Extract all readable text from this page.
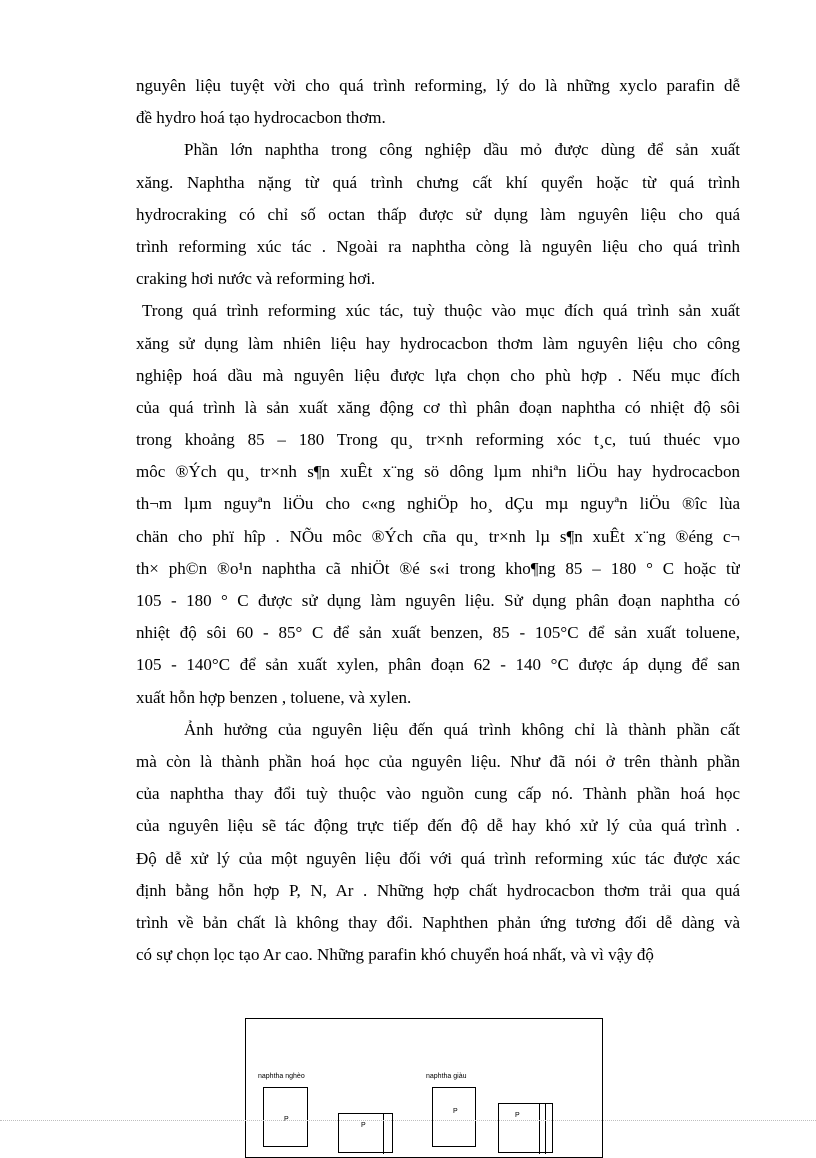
nguyên liệu tuyệt vời cho quá trình reforming, lý do là những xyclo parafin dễ
đề hydro hoá tạo hydrocacbon thơm.
Phần lớn naphtha trong công nghiệp dầu mỏ được dùng để sản xuất
xăng. Naphtha nặng từ quá trình chưng cất khí quyển hoặc từ quá trình
hydrocraking có chỉ số octan thấp được sử dụng làm nguyên liệu cho quá
trình reforming xúc tác . Ngoài ra naphtha còng là nguyên liệu cho quá trình
craking hơi nước và reforming hơi.
Trong quá trình reforming xúc tác, tuỳ thuộc vào mục đích quá trình sản xuất
xăng sử dụng làm nhiên liệu hay hydrocacbon thơm làm nguyên liệu cho công
nghiệp hoá dầu mà nguyên liệu được lựa chọn cho phù hợp . Nếu mục đích
của quá trình là sản xuất xăng động cơ thì phân đoạn naphtha có nhiệt độ sôi
trong khoảng 85 – 180 Trong qu¸ tr×nh reforming xóc t¸c, tuú thuéc vµo
môc ®Ých qu¸ tr×nh s¶n xuÊt x¨ng sö dông lµm nhiªn liÖu hay hydrocacbon
th¬m lµm nguyªn liÖu cho c«ng nghiÖp ho¸ dÇu mµ nguyªn liÖu ®îc lùa
chän cho phï hîp . NÕu môc ®Ých cña qu¸ tr×nh lµ s¶n xuÊt x¨ng ®éng c¬
th× ph©n ®o¹n naphtha cã nhiÖt ®é s«i trong kho¶ng 85 – 180 ° C hoặc từ
105 - 180 ° C được sử dụng làm nguyên liệu. Sử dụng phân đoạn naphtha có
nhiệt độ sôi 60 - 85° C để sản xuất benzen, 85 - 105°C để sản xuất toluene,
105 - 140°C để sản xuất xylen, phân đoạn 62 - 140 °C được áp dụng để san
xuất hỗn hợp benzen , toluene, và xylen.
Ảnh hưởng của nguyên liệu đến quá trình không chỉ là thành phần cất
mà còn là thành phần hoá học của nguyên liệu. Như đã nói ở trên thành phần
của naphtha thay đổi tuỳ thuộc vào nguồn cung cấp nó. Thành phần hoá học
của nguyên liệu sẽ tác động trực tiếp đến độ dễ hay khó xử lý của quá trình .
Độ dễ xử lý của một nguyên liệu đối với quá trình reforming xúc tác được xác
định bằng hỗn hợp P, N, Ar . Những hợp chất hydrocacbon thơm trải qua quá
trình về bản chất là không thay đổi. Naphthen phản ứng tương đối dễ dàng và
có sự chọn lọc tạo Ar cao. Những parafin khó chuyển hoá nhất, và vì vậy độ
naphtha nghèo	naphtha giàu
P
P
P
P
